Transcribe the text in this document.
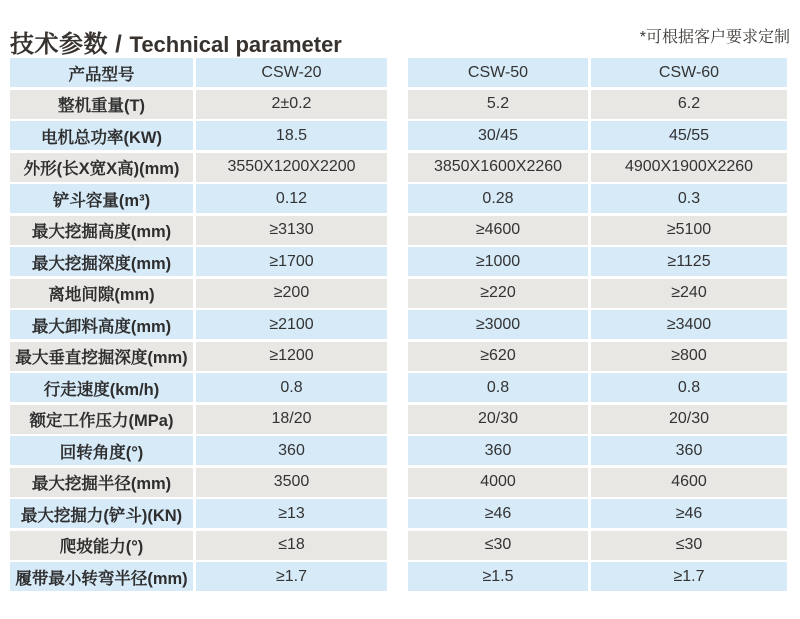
技术参数 / Technical parameter	*可根据客户要求定制
产品型号	CSW-20	CSW-50	CSW-60
整机重量(T)	2±0.2	5.2	6.2
电机总功率(KW)	18.5	30/45	45/55
外形(长X宽X高)(mm)	3550X1200X2200	3850X1600X2260	4900X1900X2260
铲斗容量(m³)	0.12	0.28	0.3
最大挖掘高度(mm)	≥3130	≥4600	≥5100
最大挖掘深度(mm)	≥1700	≥1000	≥1125
离地间隙(mm)	≥200	≥220	≥240
最大卸料高度(mm)	≥2100	≥3000	≥3400
最大垂直挖掘深度(mm)	≥1200	≥620	≥800
行走速度(km/h)	0.8	0.8	0.8
额定工作压力(MPa)	18/20	20/30	20/30
回转角度(°)	360	360	360
最大挖掘半径(mm)	3500	4000	4600
最大挖掘力(铲斗)(KN)	≥13	≥46	≥46
爬坡能力(°)	≤18	≤30	≤30
履带最小转弯半径(mm)	≥1.7	≥1.5	≥1.7
